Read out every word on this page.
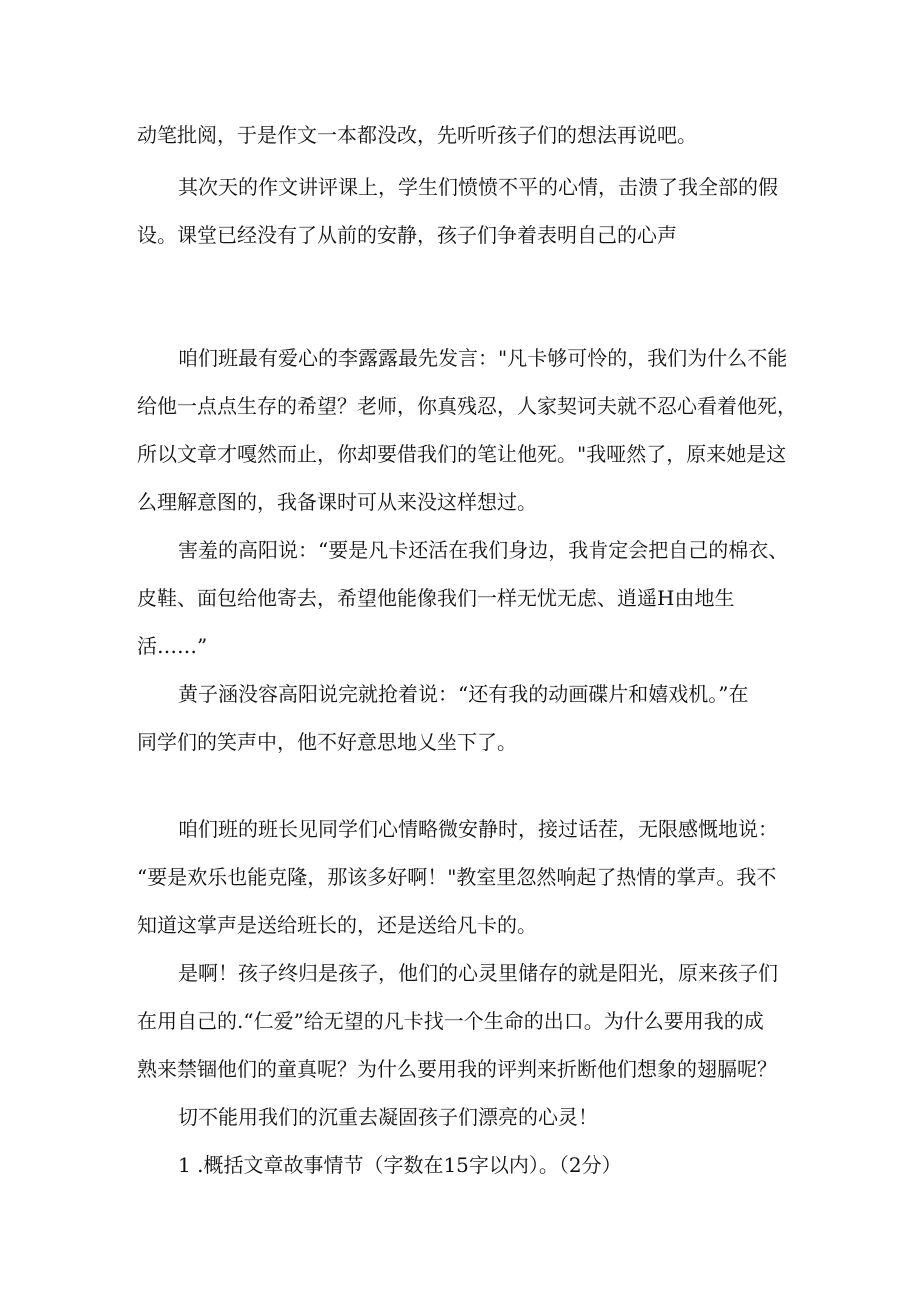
动笔批阅，于是作文一本都没改，先听听孩子们的想法再说吧。
其次天的作文讲评课上，学生们愤愤不平的心情，击溃了我全部的假
设。课堂已经没有了从前的安静，孩子们争着表明自己的心声
咱们班最有爱心的李露露最先发言："凡卡够可怜的，我们为什么不能
给他一点点生存的希望？老师，你真残忍，人家契诃夫就不忍心看着他死，
所以文章才嘎然而止，你却要借我们的笔让他死。"我哑然了，原来她是这
么理解意图的，我备课时可从来没这样想过。
害羞的高阳说：“要是凡卡还活在我们身边，我肯定会把自己的棉衣、
皮鞋、面包给他寄去，希望他能像我们一样无忧无虑、逍遥H由地生
活……”
黄子涵没容高阳说完就抢着说：“还有我的动画碟片和嬉戏机。”在
同学们的笑声中，他不好意思地乂坐下了。
咱们班的班长见同学们心情略微安静时，接过话茬，无限感慨地说：
“要是欢乐也能克隆，那该多好啊！"教室里忽然响起了热情的掌声。我不
知道这掌声是送给班长的，还是送给凡卡的。
是啊！孩子终归是孩子，他们的心灵里储存的就是阳光，原来孩子们
在用自己的.“仁爱”给无望的凡卡找一个生命的出口。为什么要用我的成
熟来禁锢他们的童真呢？为什么要用我的评判来折断他们想象的翅膈呢？
切不能用我们的沉重去凝固孩子们漂亮的心灵！
1 .概括文章故事情节（字数在15字以内）。（2分）
